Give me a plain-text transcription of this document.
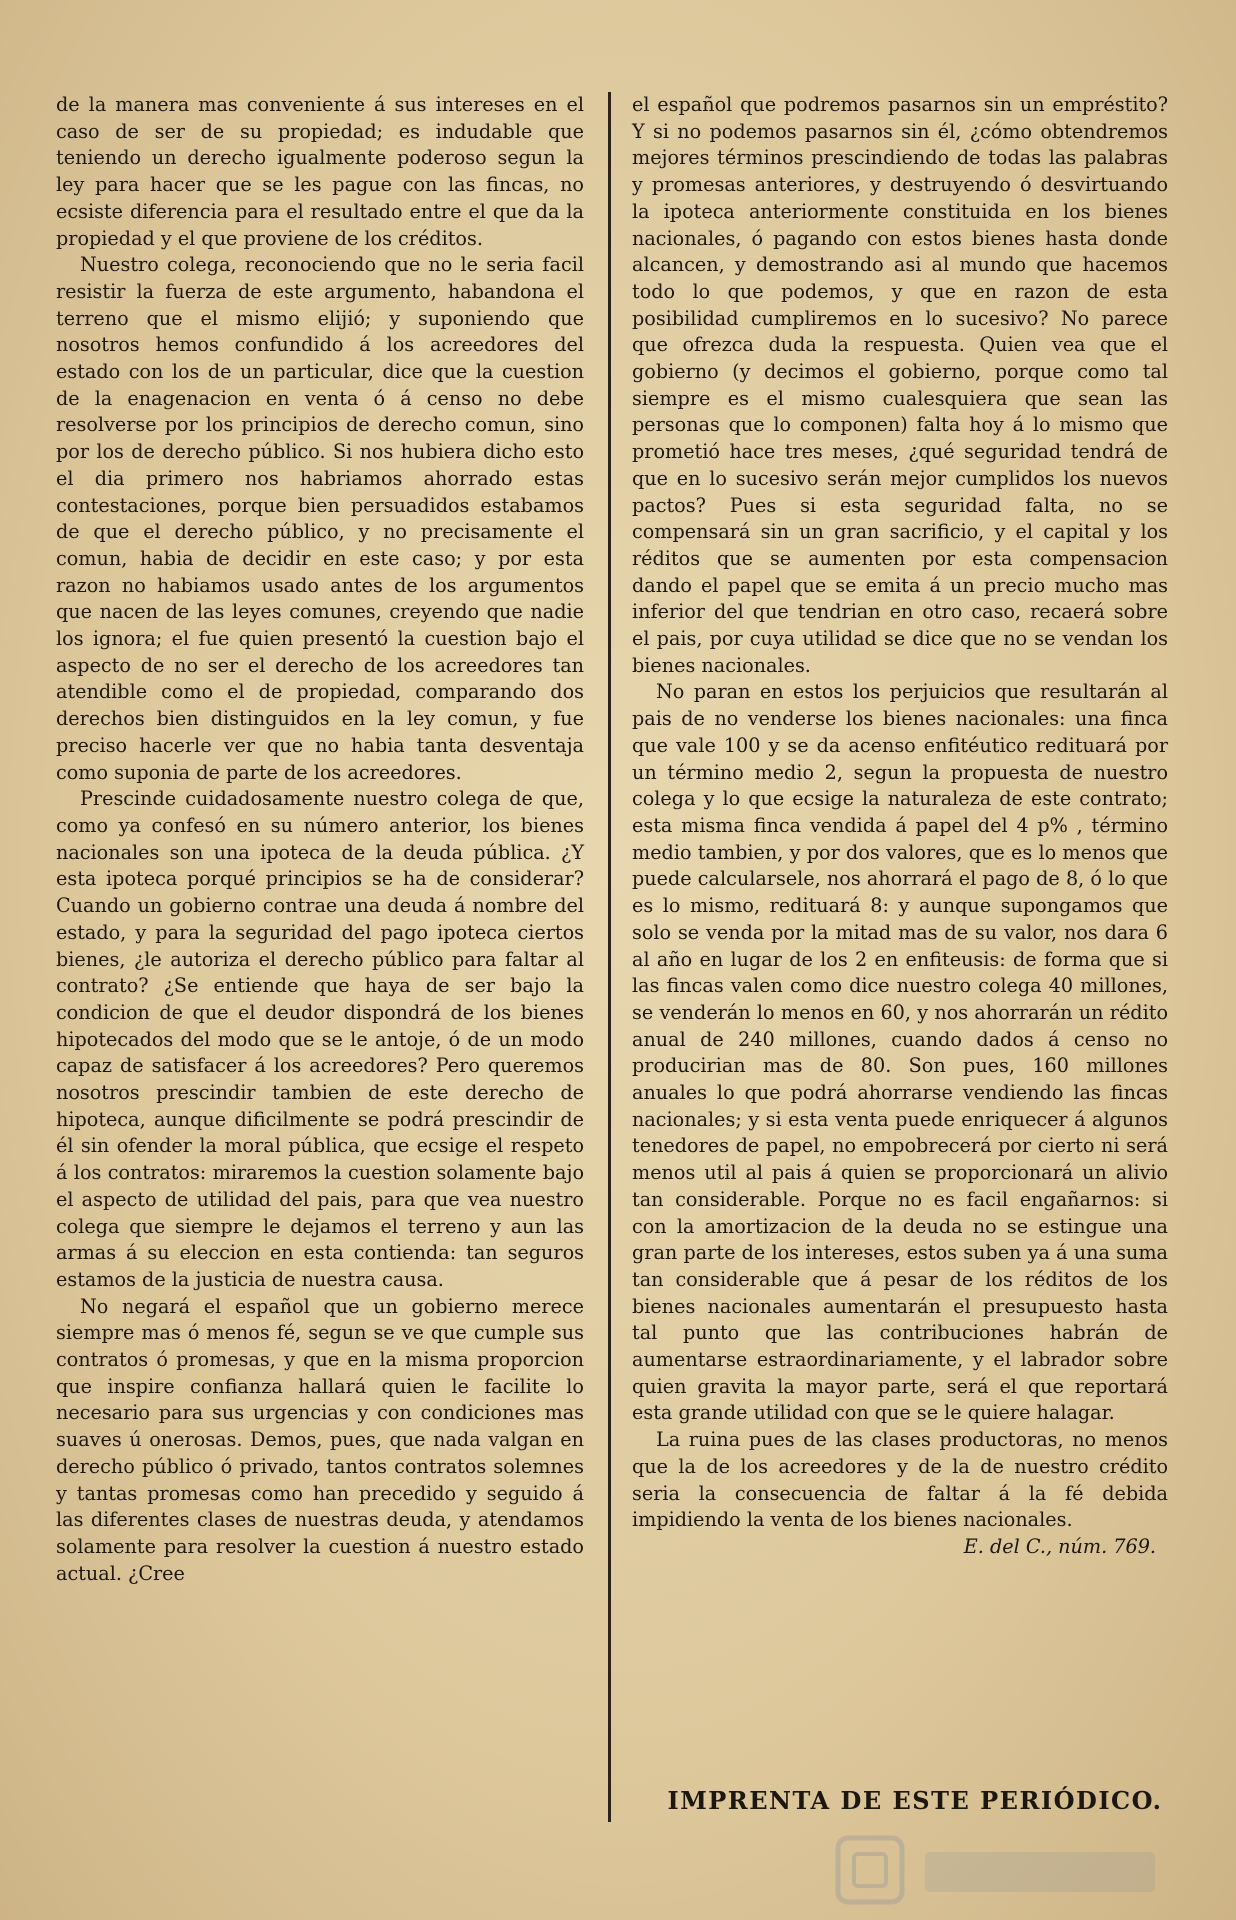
de la manera mas conveniente á sus intereses en el caso de ser de su propiedad; es indudable que teniendo un derecho igualmente poderoso segun la ley para hacer que se les pague con las fincas, no ecsiste diferencia para el resultado entre el que da la propiedad y el que proviene de los créditos.

Nuestro colega, reconociendo que no le seria facil resistir la fuerza de este argumento, habandona el terreno que el mismo elijió; y suponiendo que nosotros hemos confundido á los acreedores del estado con los de un particular, dice que la cuestion de la enagenacion en venta ó á censo no debe resolverse por los principios de derecho comun, sino por los de derecho público. Si nos hubiera dicho esto el dia primero nos habriamos ahorrado estas contestaciones, porque bien persuadidos estabamos de que el derecho público, y no precisamente el comun, habia de decidir en este caso; y por esta razon no habiamos usado antes de los argumentos que nacen de las leyes comunes, creyendo que nadie los ignora; el fue quien presentó la cuestion bajo el aspecto de no ser el derecho de los acreedores tan atendible como el de propiedad, comparando dos derechos bien distinguidos en la ley comun, y fue preciso hacerle ver que no habia tanta desventaja como suponia de parte de los acreedores.

Prescinde cuidadosamente nuestro colega de que, como ya confesó en su número anterior, los bienes nacionales son una ipoteca de la deuda pública. ¿Y esta ipoteca porqué principios se ha de considerar? Cuando un gobierno contrae una deuda á nombre del estado, y para la seguridad del pago ipoteca ciertos bienes, ¿le autoriza el derecho público para faltar al contrato? ¿Se entiende que haya de ser bajo la condicion de que el deudor dispondrá de los bienes hipotecados del modo que se le antoje, ó de un modo capaz de satisfacer á los acreedores? Pero queremos nosotros prescindir tambien de este derecho de hipoteca, aunque dificilmente se podrá prescindir de él sin ofender la moral pública, que ecsige el respeto á los contratos: miraremos la cuestion solamente bajo el aspecto de utilidad del pais, para que vea nuestro colega que siempre le dejamos el terreno y aun las armas á su eleccion en esta contienda: tan seguros estamos de la justicia de nuestra causa.

No negará el español que un gobierno merece siempre mas ó menos fé, segun se ve que cumple sus contratos ó promesas, y que en la misma proporcion que inspire confianza hallará quien le facilite lo necesario para sus urgencias y con condiciones mas suaves ú onerosas. Demos, pues, que nada valgan en derecho público ó privado, tantos contratos solemnes y tantas promesas como han precedido y seguido á las diferentes clases de nuestras deuda, y atendamos solamente para resolver la cuestion á nuestro estado actual. ¿Cree

el español que podremos pasarnos sin un empréstito? Y si no podemos pasarnos sin él, ¿cómo obtendremos mejores términos prescindiendo de todas las palabras y promesas anteriores, y destruyendo ó desvirtuando la ipoteca anteriormente constituida en los bienes nacionales, ó pagando con estos bienes hasta donde alcancen, y demostrando asi al mundo que hacemos todo lo que podemos, y que en razon de esta posibilidad cumpliremos en lo sucesivo? No parece que ofrezca duda la respuesta. Quien vea que el gobierno (y decimos el gobierno, porque como tal siempre es el mismo cualesquiera que sean las personas que lo componen) falta hoy á lo mismo que prometió hace tres meses, ¿qué seguridad tendrá de que en lo sucesivo serán mejor cumplidos los nuevos pactos? Pues si esta seguridad falta, no se compensará sin un gran sacrificio, y el capital y los réditos que se aumenten por esta compensacion dando el papel que se emita á un precio mucho mas inferior del que tendrian en otro caso, recaerá sobre el pais, por cuya utilidad se dice que no se vendan los bienes nacionales.

No paran en estos los perjuicios que resultarán al pais de no venderse los bienes nacionales: una finca que vale 100 y se da acenso enfitéutico redituará por un término medio 2, segun la propuesta de nuestro colega y lo que ecsige la naturaleza de este contrato; esta misma finca vendida á papel del 4 p% , término medio tambien, y por dos valores, que es lo menos que puede calcularsele, nos ahorrará el pago de 8, ó lo que es lo mismo, redituará 8: y aunque supongamos que solo se venda por la mitad mas de su valor, nos dara 6 al año en lugar de los 2 en enfiteusis: de forma que si las fincas valen como dice nuestro colega 40 millones, se venderán lo menos en 60, y nos ahorrarán un rédito anual de 240 millones, cuando dados á censo no producirian mas de 80. Son pues, 160 millones anuales lo que podrá ahorrarse vendiendo las fincas nacionales; y si esta venta puede enriquecer á algunos tenedores de papel, no empobrecerá por cierto ni será menos util al pais á quien se proporcionará un alivio tan considerable. Porque no es facil engañarnos: si con la amortizacion de la deuda no se estingue una gran parte de los intereses, estos suben ya á una suma tan considerable que á pesar de los réditos de los bienes nacionales aumentarán el presupuesto hasta tal punto que las contribuciones habrán de aumentarse estraordinariamente, y el labrador sobre quien gravita la mayor parte, será el que reportará esta grande utilidad con que se le quiere halagar.

La ruina pues de las clases productoras, no menos que la de los acreedores y de la de nuestro crédito seria la consecuencia de faltar á la fé debida impidiendo la venta de los bienes nacionales.

E. del C., núm. 769.

IMPRENTA DE ESTE PERIÓDICO.
